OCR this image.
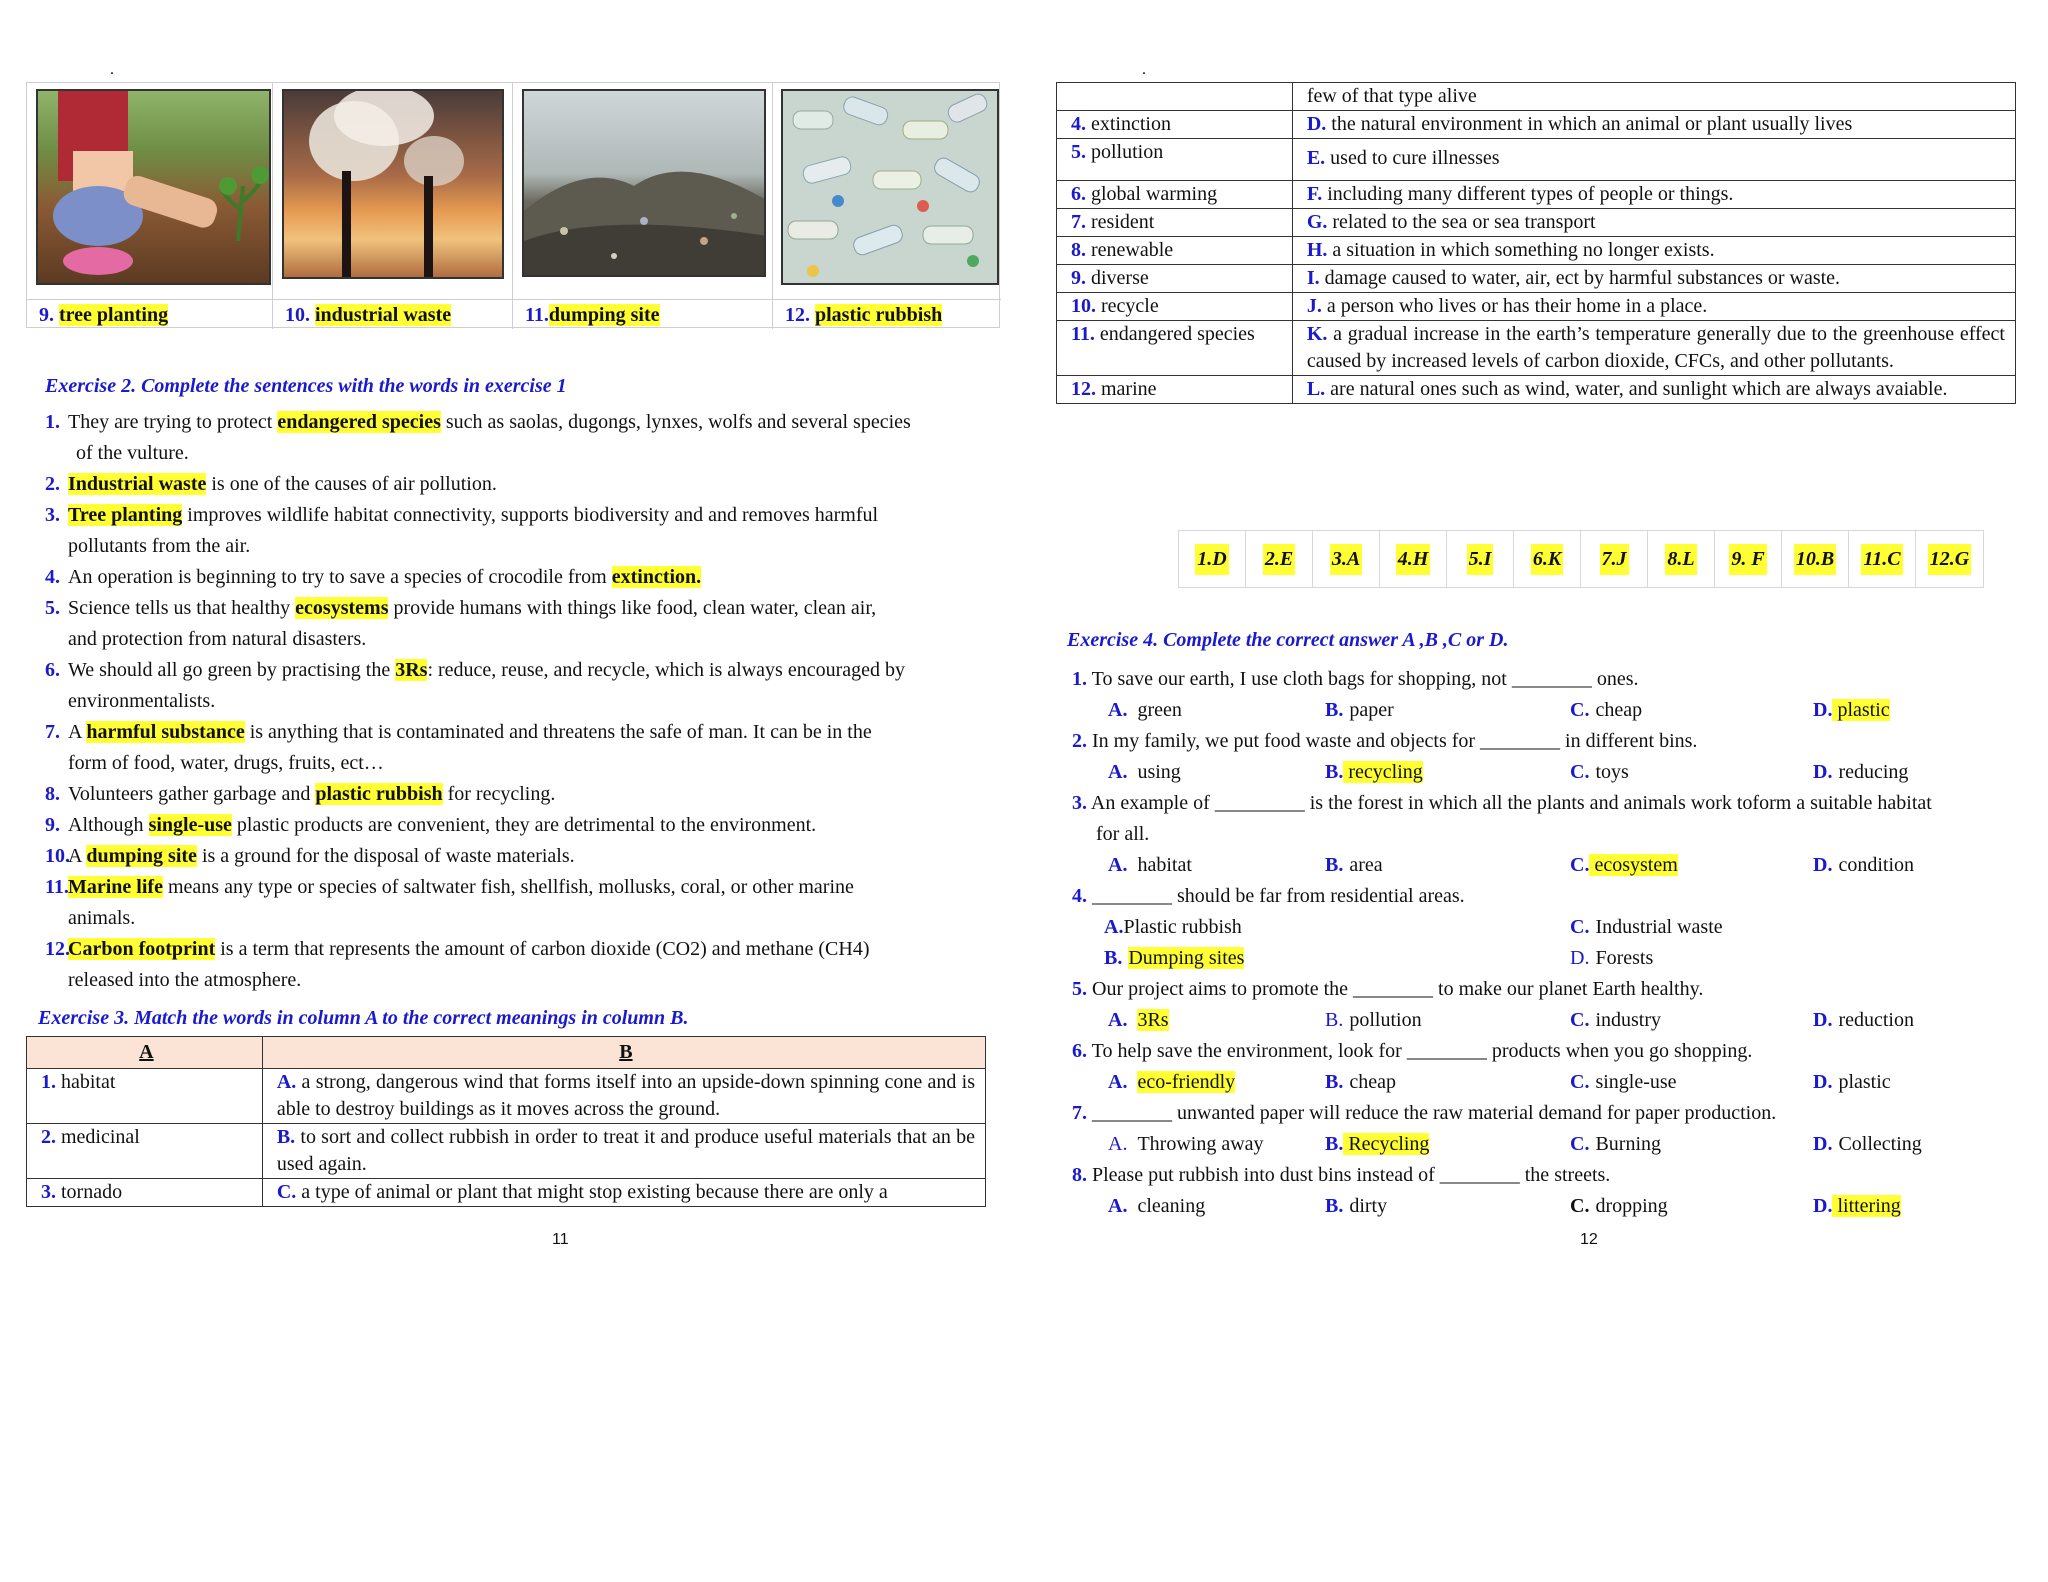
.
9. tree planting	10. industrial waste	11.dumping site	12. plastic rubbish
Exercise 2. Complete the sentences with the words in exercise 1
1. They are trying to protect endangered species such as saolas, dugongs, lynxes, wolfs and several species
of the vulture.
2. Industrial waste is one of the causes of air pollution.
3. Tree planting improves wildlife habitat connectivity, supports biodiversity and and removes harmful
pollutants from the air.
4. An operation is beginning to try to save a species of crocodile from extinction.
5. Science tells us that healthy ecosystems provide humans with things like food, clean water, clean air,
and protection from natural disasters.
6. We should all go green by practising the 3Rs: reduce, reuse, and recycle, which is always encouraged by
environmentalists.
7. A harmful substance is anything that is contaminated and threatens the safe of man. It can be in the
form of food, water, drugs, fruits, ect…
8. Volunteers gather garbage and plastic rubbish for recycling.
9. Although single-use plastic products are convenient, they are detrimental to the environment.
10.
A dumping site is a ground for the disposal of waste materials.
11. Marine life means any type or species of saltwater fish, shellfish, mollusks, coral, or other marine
animals.
12.
Carbon footprint is a term that represents the amount of carbon dioxide (CO2) and methane (CH4)
released into the atmosphere.
Exercise 3. Match the words in column A to the correct meanings in column B.
A	B
1. habitat	A. a strong, dangerous wind that forms itself into an upside-down spinning cone and is able to destroy buildings as it moves across the ground.
2. medicinal	B. to sort and collect rubbish in order to treat it and produce useful materials that an be used again.
3. tornado	C. a type of animal or plant that might stop existing because there are only a
11
.
	few of that type alive
4. extinction	D. the natural environment in which an animal or plant usually lives
5. pollution	E. used to cure illnesses
6. global warming	F. including many different types of people or things.
7. resident	G. related to the sea or sea transport
8. renewable	H. a situation in which something no longer exists.
9. diverse	I. damage caused to water, air, ect by harmful substances or waste.
10. recycle	J. a person who lives or has their home in a place.
11. endangered species	K. a gradual increase in the earth’s temperature generally due to the greenhouse effect caused by increased levels of carbon dioxide, CFCs, and other pollutants.
12. marine	L. are natural ones such as wind, water, and sunlight which are always avaiable.
1.D 2.E 3.A 4.H 5.I 6.K 7.J 8.L 9. F 10.B 11.C 12.G
Exercise 4. Complete the correct answer A ,B ,C or D.
1. To save our earth, I use cloth bags for shopping, not ________ ones.
A. green	B. paper	C. cheap	D. plastic
2. In my family, we put food waste and objects for ________ in different bins.
A. using	B. recycling	C. toys	D. reducing
3. An example of _________ is the forest in which all the plants and animals work toform a suitable habitat
for all.
A. habitat	B. area	C. ecosystem	D. condition
4. ________ should be far from residential areas.
A.Plastic rubbish	C. Industrial waste
B. Dumping sites	D. Forests
5. Our project aims to promote the ________ to make our planet Earth healthy.
A. 3Rs	B. pollution	C. industry	D. reduction
6. To help save the environment, look for ________ products when you go shopping.
A. eco-friendly	B. cheap	C. single-use	D. plastic
7. ________ unwanted paper will reduce the raw material demand for paper production.
A. Throwing away	B. Recycling	C. Burning	D. Collecting
8. Please put rubbish into dust bins instead of ________ the streets.
A. cleaning	B. dirty	C. dropping	D. littering
12
